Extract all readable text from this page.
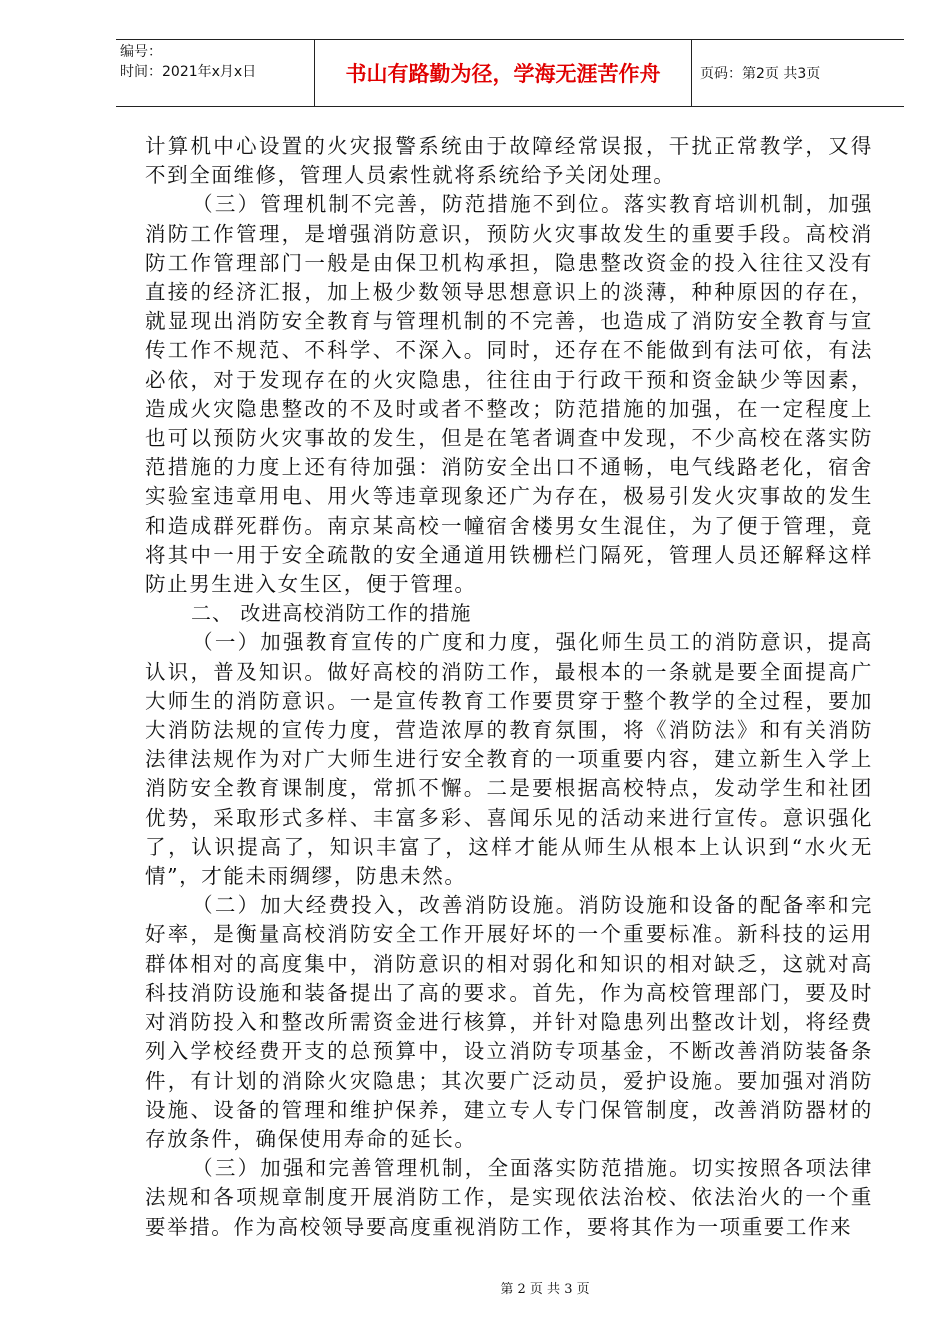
编号：
时间：2021年x月x日	书山有路勤为径，学海无涯苦作舟	页码：第2页 共3页

计算机中心设置的火灾报警系统由于故障经常误报，干扰正常教学，又得不到全面维修，管理人员索性就将系统给予关闭处理。

（三）管理机制不完善，防范措施不到位。落实教育培训机制，加强消防工作管理，是增强消防意识，预防火灾事故发生的重要手段。高校消防工作管理部门一般是由保卫机构承担，隐患整改资金的投入往往又没有直接的经济汇报，加上极少数领导思想意识上的淡薄，种种原因的存在，就显现出消防安全教育与管理机制的不完善，也造成了消防安全教育与宣传工作不规范、不科学、不深入。同时，还存在不能做到有法可依，有法必依，对于发现存在的火灾隐患，往往由于行政干预和资金缺少等因素，造成火灾隐患整改的不及时或者不整改；防范措施的加强，在一定程度上也可以预防火灾事故的发生，但是在笔者调查中发现，不少高校在落实防范措施的力度上还有待加强：消防安全出口不通畅，电气线路老化，宿舍实验室违章用电、用火等违章现象还广为存在，极易引发火灾事故的发生和造成群死群伤。南京某高校一幢宿舍楼男女生混住，为了便于管理，竟将其中一用于安全疏散的安全通道用铁栅栏门隔死，管理人员还解释这样防止男生进入女生区，便于管理。

二、 改进高校消防工作的措施

（一）加强教育宣传的广度和力度，强化师生员工的消防意识，提高认识，普及知识。做好高校的消防工作，最根本的一条就是要全面提高广大师生的消防意识。一是宣传教育工作要贯穿于整个教学的全过程，要加大消防法规的宣传力度，营造浓厚的教育氛围，将《消防法》和有关消防法律法规作为对广大师生进行安全教育的一项重要内容，建立新生入学上消防安全教育课制度，常抓不懈。二是要根据高校特点，发动学生和社团优势，采取形式多样、丰富多彩、喜闻乐见的活动来进行宣传。意识强化了，认识提高了，知识丰富了，这样才能从师生从根本上认识到“水火无情”，才能未雨绸缪，防患未然。

（二）加大经费投入，改善消防设施。消防设施和设备的配备率和完好率，是衡量高校消防安全工作开展好坏的一个重要标准。新科技的运用群体相对的高度集中，消防意识的相对弱化和知识的相对缺乏，这就对高科技消防设施和装备提出了高的要求。首先，作为高校管理部门，要及时对消防投入和整改所需资金进行核算，并针对隐患列出整改计划，将经费列入学校经费开支的总预算中，设立消防专项基金，不断改善消防装备条件，有计划的消除火灾隐患；其次要广泛动员，爱护设施。要加强对消防设施、设备的管理和维护保养，建立专人专门保管制度，改善消防器材的存放条件，确保使用寿命的延长。

（三）加强和完善管理机制，全面落实防范措施。切实按照各项法律法规和各项规章制度开展消防工作，是实现依法治校、依法治火的一个重要举措。作为高校领导要高度重视消防工作，要将其作为一项重要工作来

第 2 页 共 3 页
